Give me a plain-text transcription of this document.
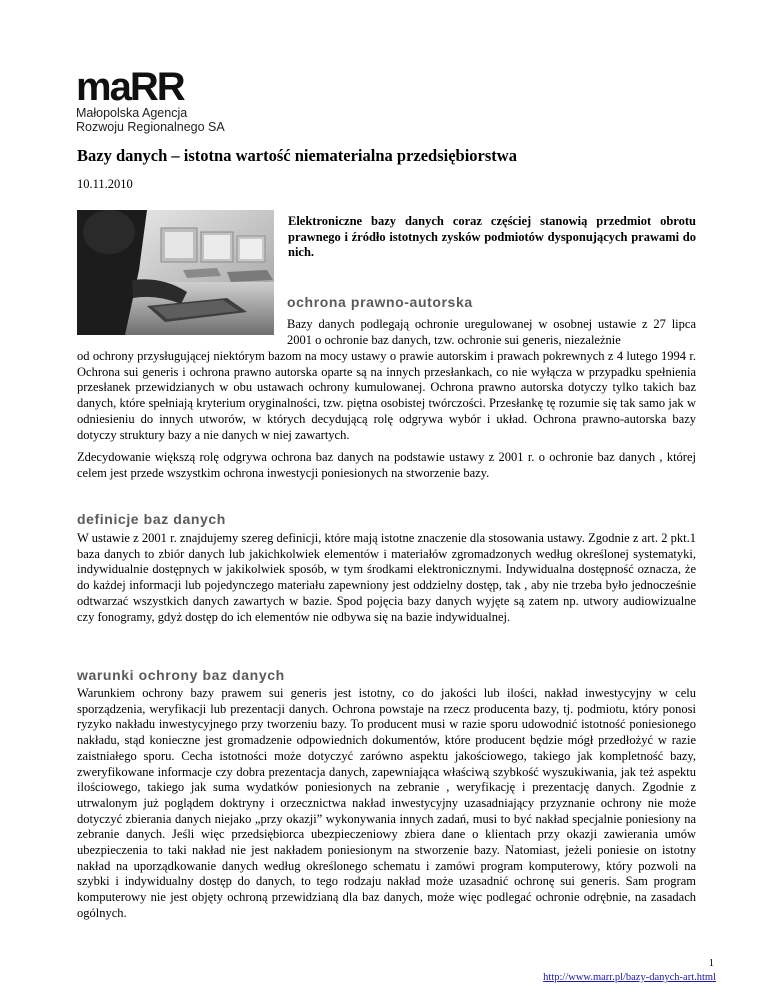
maRR
Małopolska Agencja
Rozwoju Regionalnego SA
Bazy danych – istotna wartość niematerialna przedsiębiorstwa
10.11.2010
Elektroniczne bazy danych coraz częściej stanowią przedmiot obrotu prawnego i źródło istotnych zysków podmiotów dysponujących prawami do nich.
ochrona prawno-autorska

Bazy danych podlegają ochronie uregulowanej w osobnej ustawie z 27 lipca 2001 o ochronie baz danych, tzw. ochronie sui generis, niezależnie

od ochrony przysługującej niektórym bazom na mocy ustawy o prawie autorskim i prawach pokrewnych z 4 lutego 1994 r. Ochrona sui generis i ochrona prawno autorska oparte są na innych przesłankach, co nie wyłącza w przypadku spełnienia przesłanek przewidzianych w obu ustawach ochrony kumulowanej. Ochrona prawno autorska dotyczy tylko takich baz danych, które spełniają kryterium oryginalności, tzw. piętna osobistej twórczości. Przesłankę tę rozumie się tak samo jak w odniesieniu do innych utworów, w których decydującą rolę odgrywa wybór i układ. Ochrona prawno-autorska bazy dotyczy struktury bazy a nie danych w niej zawartych.

Zdecydowanie większą rolę odgrywa ochrona baz danych na podstawie ustawy z 2001 r. o ochronie baz danych , której celem jest przede wszystkim ochrona inwestycji poniesionych na stworzenie bazy.

definicje baz danych

W ustawie z 2001 r. znajdujemy szereg definicji, które mają istotne znaczenie dla stosowania ustawy. Zgodnie z art. 2 pkt.1 baza danych to zbiór danych lub jakichkolwiek elementów i materiałów zgromadzonych według określonej systematyki, indywidualnie dostępnych w jakikolwiek sposób, w tym środkami elektronicznymi. Indywidualna dostępność oznacza, że do każdej informacji lub pojedynczego materiału zapewniony jest oddzielny dostęp, tak , aby nie trzeba było jednocześnie odtwarzać wszystkich danych zawartych w bazie. Spod pojęcia bazy danych wyjęte są zatem np. utwory audiowizualne czy fonogramy, gdyż dostęp do ich elementów nie odbywa się na bazie indywidualnej.

warunki ochrony baz danych

Warunkiem ochrony bazy prawem sui generis jest istotny, co do jakości lub ilości, nakład inwestycyjny w celu sporządzenia, weryfikacji lub prezentacji danych. Ochrona powstaje na rzecz producenta bazy, tj. podmiotu, który ponosi ryzyko nakładu inwestycyjnego przy tworzeniu bazy. To producent musi w razie sporu udowodnić istotność poniesionego nakładu, stąd konieczne jest gromadzenie odpowiednich dokumentów, które producent będzie mógł przedłożyć w razie zaistniałego sporu. Cecha istotności może dotyczyć zarówno aspektu jakościowego, takiego jak kompletność bazy, zweryfikowane informacje czy dobra prezentacja danych, zapewniająca właściwą szybkość wyszukiwania, jak też aspektu ilościowego, takiego jak suma wydatków poniesionych na zebranie , weryfikację i prezentację danych. Zgodnie z utrwalonym już poglądem doktryny i orzecznictwa nakład inwestycyjny uzasadniający przyznanie ochrony nie może dotyczyć zbierania danych niejako „przy okazji” wykonywania innych zadań, musi to być nakład specjalnie poniesiony na zebranie danych. Jeśli więc przedsiębiorca ubezpieczeniowy zbiera dane o klientach przy okazji zawierania umów ubezpieczenia to taki nakład nie jest nakładem poniesionym na stworzenie bazy. Natomiast, jeżeli poniesie on istotny nakład na uporządkowanie danych według określonego schematu i zamówi program komputerowy, który pozwoli na szybki i indywidualny dostęp do danych, to tego rodzaju nakład może uzasadnić ochronę sui generis. Sam program komputerowy nie jest objęty ochroną przewidzianą dla baz danych, może więc podlegać ochronie odrębnie, na zasadach ogólnych.

1
http://www.marr.pl/bazy-danych-art.html
